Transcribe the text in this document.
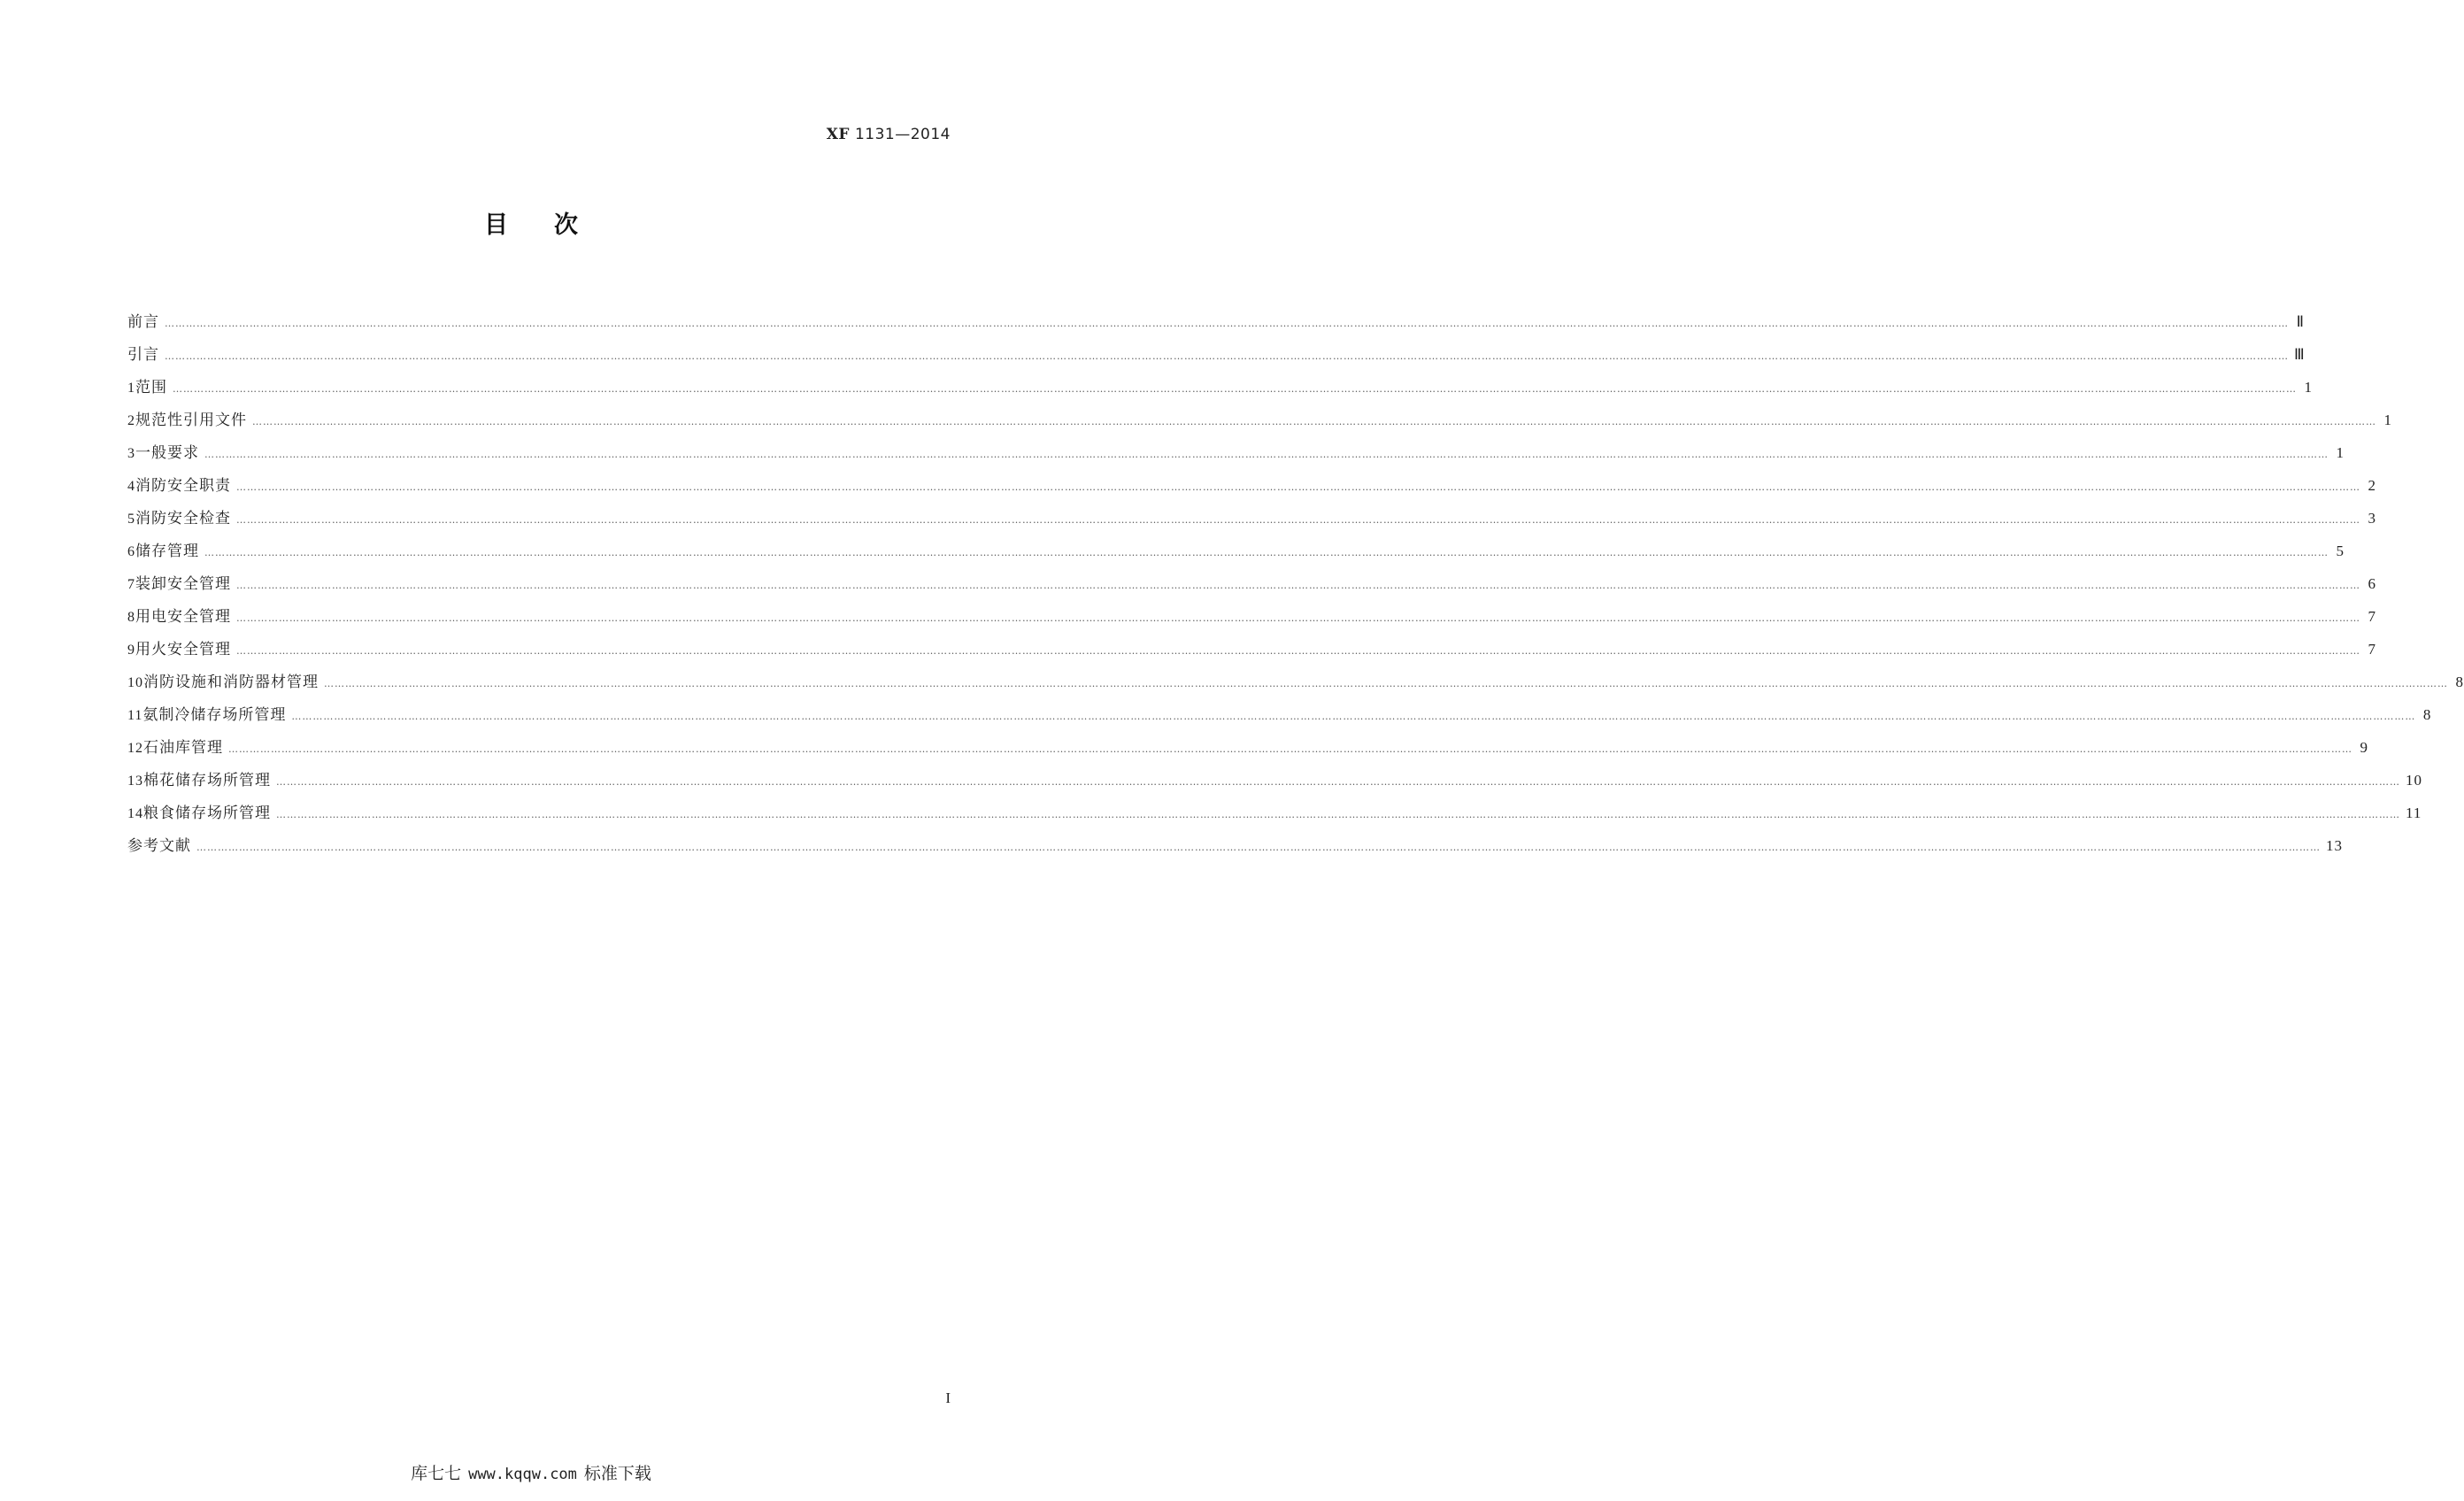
XF 1131—2014
目次
前言 …………………………………………………………………………………………………………………………………………………………………………………………………………………………………………………………………………………………………………………………………………………………………………………………………………………………………………………………………………………………………………………………………………………… Ⅱ
引言 …………………………………………………………………………………………………………………………………………………………………………………………………………………………………………………………………………………………………………………………………………………………………………………………………………………………………………………………………………………………………………………………………………………… Ⅲ
1 范围 …………………………………………………………………………………………………………………………………………………………………………………………………………………………………………………………………………………………………………………………………………………………………………………………………………………………………………………………………………………………………………………………………………………… 1
2 规范性引用文件 …………………………………………………………………………………………………………………………………………………………………………………………………………………………………………………………………………………………………………………………………………………………………………………………………………………………………………………………………………………………………………………………………………………… 1
3 一般要求 …………………………………………………………………………………………………………………………………………………………………………………………………………………………………………………………………………………………………………………………………………………………………………………………………………………………………………………………………………………………………………………………………………………… 1
4 消防安全职责 …………………………………………………………………………………………………………………………………………………………………………………………………………………………………………………………………………………………………………………………………………………………………………………………………………………………………………………………………………………………………………………………………………………… 2
5 消防安全检查 …………………………………………………………………………………………………………………………………………………………………………………………………………………………………………………………………………………………………………………………………………………………………………………………………………………………………………………………………………………………………………………………………………………… 3
6 储存管理 …………………………………………………………………………………………………………………………………………………………………………………………………………………………………………………………………………………………………………………………………………………………………………………………………………………………………………………………………………………………………………………………………………………… 5
7 装卸安全管理 …………………………………………………………………………………………………………………………………………………………………………………………………………………………………………………………………………………………………………………………………………………………………………………………………………………………………………………………………………………………………………………………………………………… 6
8 用电安全管理 …………………………………………………………………………………………………………………………………………………………………………………………………………………………………………………………………………………………………………………………………………………………………………………………………………………………………………………………………………………………………………………………………………………… 7
9 用火安全管理 …………………………………………………………………………………………………………………………………………………………………………………………………………………………………………………………………………………………………………………………………………………………………………………………………………………………………………………………………………………………………………………………………………………… 7
10 消防设施和消防器材管理 …………………………………………………………………………………………………………………………………………………………………………………………………………………………………………………………………………………………………………………………………………………………………………………………………………………………………………………………………………………………………………………………………………………… 8
11 氨制冷储存场所管理 …………………………………………………………………………………………………………………………………………………………………………………………………………………………………………………………………………………………………………………………………………………………………………………………………………………………………………………………………………………………………………………………………………………… 8
12 石油库管理 …………………………………………………………………………………………………………………………………………………………………………………………………………………………………………………………………………………………………………………………………………………………………………………………………………………………………………………………………………………………………………………………………………………… 9
13 棉花储存场所管理 …………………………………………………………………………………………………………………………………………………………………………………………………………………………………………………………………………………………………………………………………………………………………………………………………………………………………………………………………………………………………………………………………………………… 10
14 粮食储存场所管理 …………………………………………………………………………………………………………………………………………………………………………………………………………………………………………………………………………………………………………………………………………………………………………………………………………………………………………………………………………………………………………………………………………………… 11
参考文献 …………………………………………………………………………………………………………………………………………………………………………………………………………………………………………………………………………………………………………………………………………………………………………………………………………………………………………………………………………………………………………………………………………………… 13
I
库七七 www.kqqw.com 标准下载
